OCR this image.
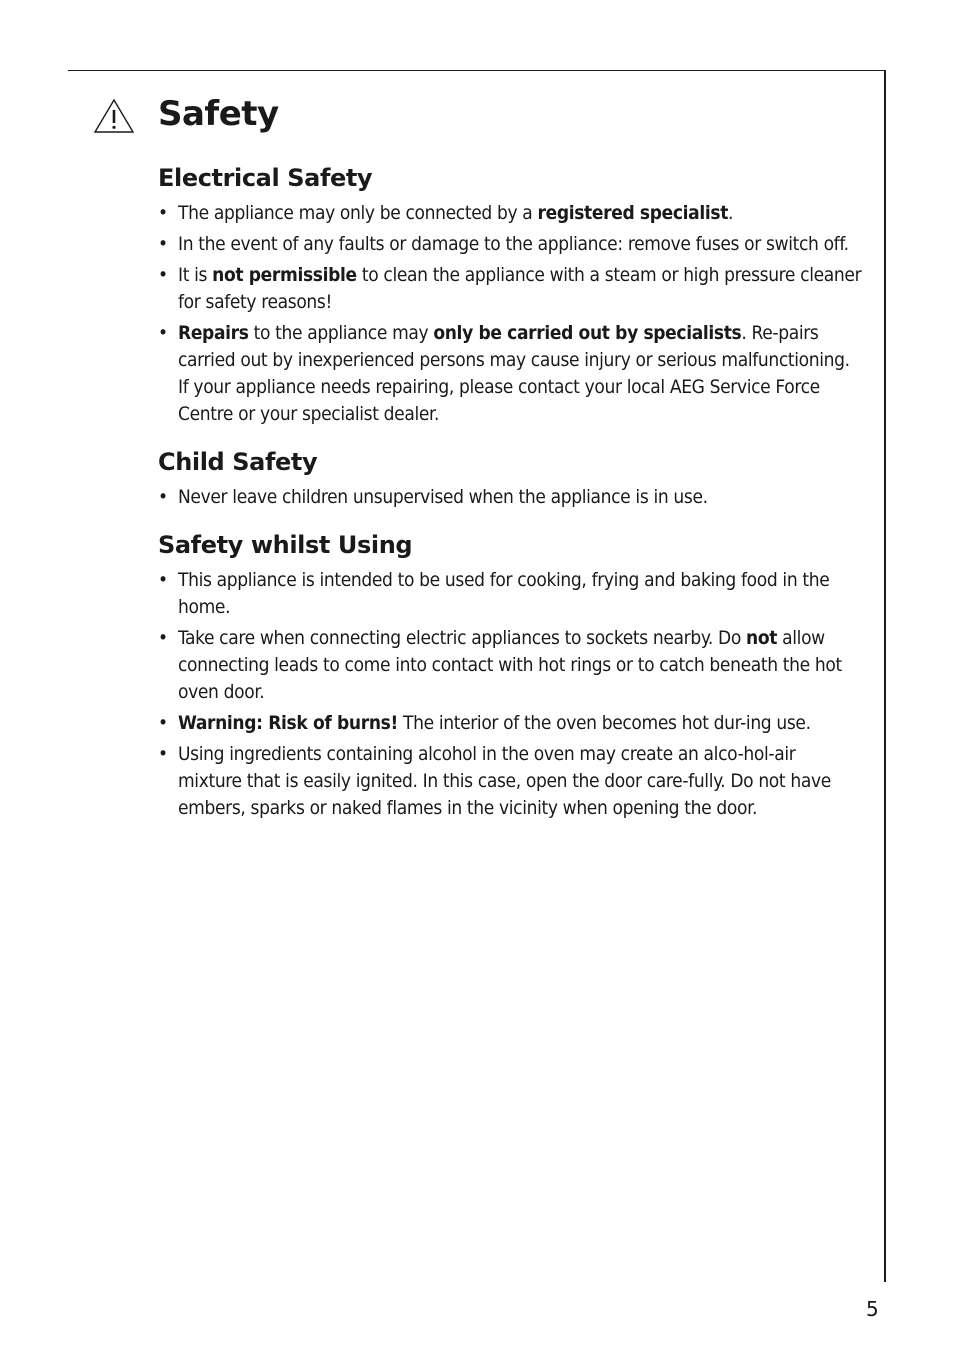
Safety
Electrical Safety
• The appliance may only be connected by a registered specialist.
• In the event of any faults or damage to the appliance: remove fuses or switch off.
• It is not permissible to clean the appliance with a steam or high pressure cleaner for safety reasons!
• Repairs to the appliance may only be carried out by specialists. Re-pairs carried out by inexperienced persons may cause injury or serious malfunctioning. If your appliance needs repairing, please contact your local AEG Service Force Centre or your specialist dealer.
Child Safety
• Never leave children unsupervised when the appliance is in use.
Safety whilst Using
• This appliance is intended to be used for cooking, frying and baking food in the home.
• Take care when connecting electric appliances to sockets nearby. Do not allow connecting leads to come into contact with hot rings or to catch beneath the hot oven door.
• Warning: Risk of burns! The interior of the oven becomes hot dur-ing use.
• Using ingredients containing alcohol in the oven may create an alco-hol-air mixture that is easily ignited. In this case, open the door care-fully. Do not have embers, sparks or naked flames in the vicinity when opening the door.
5
